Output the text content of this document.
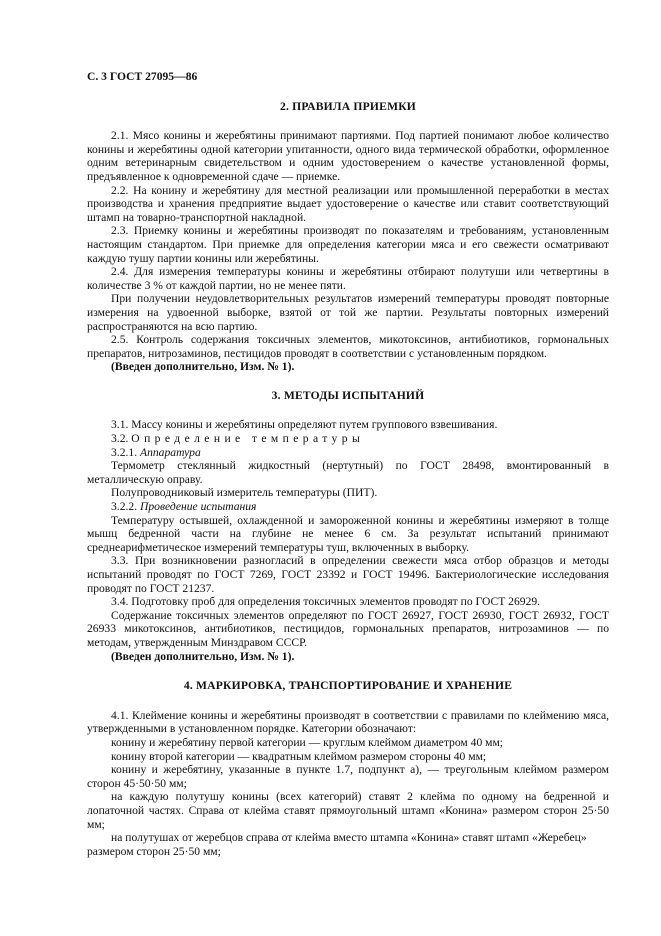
С. 3 ГОСТ 27095—86
2. ПРАВИЛА ПРИЕМКИ

2.1. Мясо конины и жеребятины принимают партиями. Под партией понимают любое количество конины и жеребятины одной категории упитанности, одного вида термической обработки, оформленное одним ветеринарным свидетельством и одним удостоверением о качестве установленной формы, предъявленное к одновременной сдаче — приемке.

2.2. На конину и жеребятину для местной реализации или промышленной переработки в местах производства и хранения предприятие выдает удостоверение о качестве или ставит соответствующий штамп на товарно-транспортной накладной.

2.3. Приемку конины и жеребятины производят по показателям и требованиям, установленным настоящим стандартом. При приемке для определения категории мяса и его свежести осматривают каждую тушу партии конины или жеребятины.

2.4. Для измерения температуры конины и жеребятины отбирают полутуши или четвертины в количестве 3 % от каждой партии, но не менее пяти.

При получении неудовлетворительных результатов измерений температуры проводят повторные измерения на удвоенной выборке, взятой от той же партии. Результаты повторных измерений распространяются на всю партию.

2.5. Контроль содержания токсичных элементов, микотоксинов, антибиотиков, гормональных препаратов, нитрозаминов, пестицидов проводят в соответствии с установленным порядком.

(Введен дополнительно, Изм. № 1).

3. МЕТОДЫ ИСПЫТАНИЙ

3.1. Массу конины и жеребятины определяют путем группового взвешивания.

3.2. Определение температуры

3.2.1. Аппаратура

Термометр стеклянный жидкостный (нертутный) по ГОСТ 28498, вмонтированный в металлическую оправу.

Полупроводниковый измеритель температуры (ПИТ).

3.2.2. Проведение испытания

Температуру остывшей, охлажденной и замороженной конины и жеребятины измеряют в толще мышц бедренной части на глубине не менее 6 см. За результат испытаний принимают среднеарифметическое измерений температуры туш, включенных в выборку.

3.3. При возникновении разногласий в определении свежести мяса отбор образцов и методы испытаний проводят по ГОСТ 7269, ГОСТ 23392 и ГОСТ 19496. Бактериологические исследования проводят по ГОСТ 21237.

3.4. Подготовку проб для определения токсичных элементов проводят по ГОСТ 26929.

Содержание токсичных элементов определяют по ГОСТ 26927, ГОСТ 26930, ГОСТ 26932, ГОСТ 26933 микотоксинов, антибиотиков, пестицидов, гормональных препаратов, нитрозаминов — по методам, утвержденным Минздравом СССР.

(Введен дополнительно, Изм. № 1).

4. МАРКИРОВКА, ТРАНСПОРТИРОВАНИЕ И ХРАНЕНИЕ

4.1. Клеймение конины и жеребятины производят в соответствии с правилами по клеймению мяса, утвержденными в установленном порядке. Категории обозначают:

конину и жеребятину первой категории — круглым клеймом диаметром 40 мм;

конину второй категории — квадратным клеймом размером стороны 40 мм;

конину и жеребятину, указанные в пункте 1.7, подпункт а), — треугольным клеймом размером сторон 45·50·50 мм;

на каждую полутушу конины (всех категорий) ставят 2 клейма по одному на бедренной и лопаточной частях. Справа от клейма ставят прямоугольный штамп «Конина» размером сторон 25·50 мм;

на полутушах от жеребцов справа от клейма вместо штампа «Конина» ставят штамп «Жеребец» размером сторон 25·50 мм;
